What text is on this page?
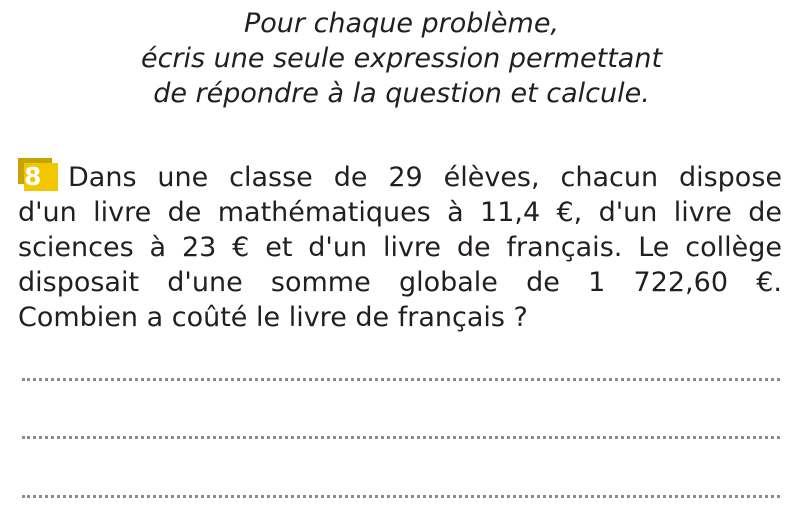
Pour chaque problème,
écris une seule expression permettant
de répondre à la question et calcule.
8 Dans une classe de 29 élèves, chacun dispose
d'un livre de mathématiques à 11,4 €, d'un livre de
sciences à 23 € et d'un livre de français. Le collège
disposait d'une somme globale de 1 722,60 €.
Combien a coûté le livre de français ?
